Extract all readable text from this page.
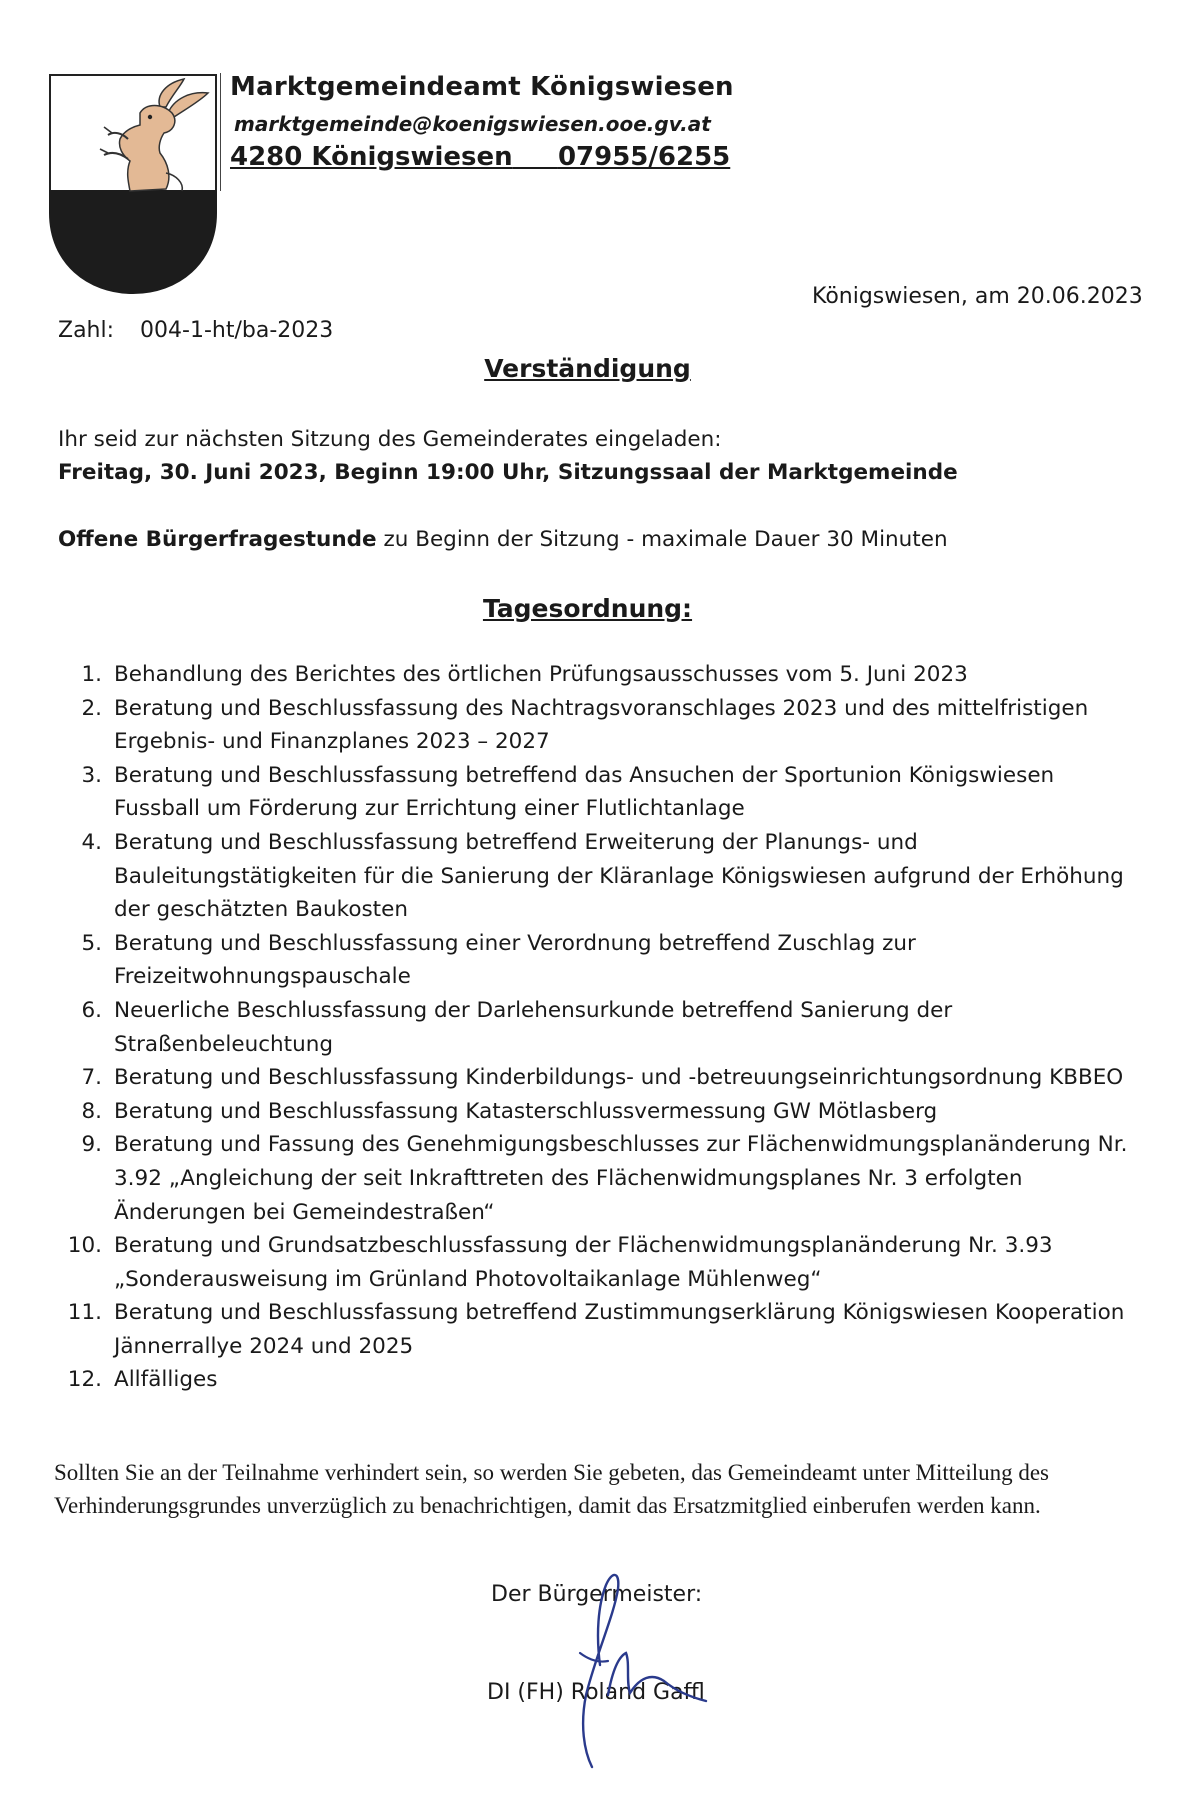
Marktgemeindeamt Königswiesen
marktgemeinde@koenigswiesen.ooe.gv.at
4280 Königswiesen 07955/6255
Königswiesen, am 20.06.2023
Zahl: 004-1-ht/ba-2023
Verständigung
Ihr seid zur nächsten Sitzung des Gemeinderates eingeladen:
Freitag, 30. Juni 2023, Beginn 19:00 Uhr, Sitzungssaal der Marktgemeinde
Offene Bürgerfragestunde zu Beginn der Sitzung - maximale Dauer 30 Minuten
Tagesordnung:
1. Behandlung des Berichtes des örtlichen Prüfungsausschusses vom 5. Juni 2023
2. Beratung und Beschlussfassung des Nachtragsvoranschlages 2023 und des mittelfristigen Ergebnis- und Finanzplanes 2023 – 2027
3. Beratung und Beschlussfassung betreffend das Ansuchen der Sportunion Königswiesen Fussball um Förderung zur Errichtung einer Flutlichtanlage
4. Beratung und Beschlussfassung betreffend Erweiterung der Planungs- und Bauleitungstätigkeiten für die Sanierung der Kläranlage Königswiesen aufgrund der Erhöhung der geschätzten Baukosten
5. Beratung und Beschlussfassung einer Verordnung betreffend Zuschlag zur Freizeitwohnungspauschale
6. Neuerliche Beschlussfassung der Darlehensurkunde betreffend Sanierung der Straßenbeleuchtung
7. Beratung und Beschlussfassung Kinderbildungs- und -betreuungseinrichtungsordnung KBBEO
8. Beratung und Beschlussfassung Katasterschlussvermessung GW Mötlasberg
9. Beratung und Fassung des Genehmigungsbeschlusses zur Flächenwidmungsplanänderung Nr. 3.92 „Angleichung der seit Inkrafttreten des Flächenwidmungsplanes Nr. 3 erfolgten Änderungen bei Gemeindestraßen“
10. Beratung und Grundsatzbeschlussfassung der Flächenwidmungsplanänderung Nr. 3.93 „Sonderausweisung im Grünland Photovoltaikanlage Mühlenweg“
11. Beratung und Beschlussfassung betreffend Zustimmungserklärung Königswiesen Kooperation Jännerrallye 2024 und 2025
12. Allfälliges
Sollten Sie an der Teilnahme verhindert sein, so werden Sie gebeten, das Gemeindeamt unter Mitteilung des Verhinderungsgrundes unverzüglich zu benachrichtigen, damit das Ersatzmitglied einberufen werden kann.
Der Bürgermeister:
DI (FH) Roland Gaffl
